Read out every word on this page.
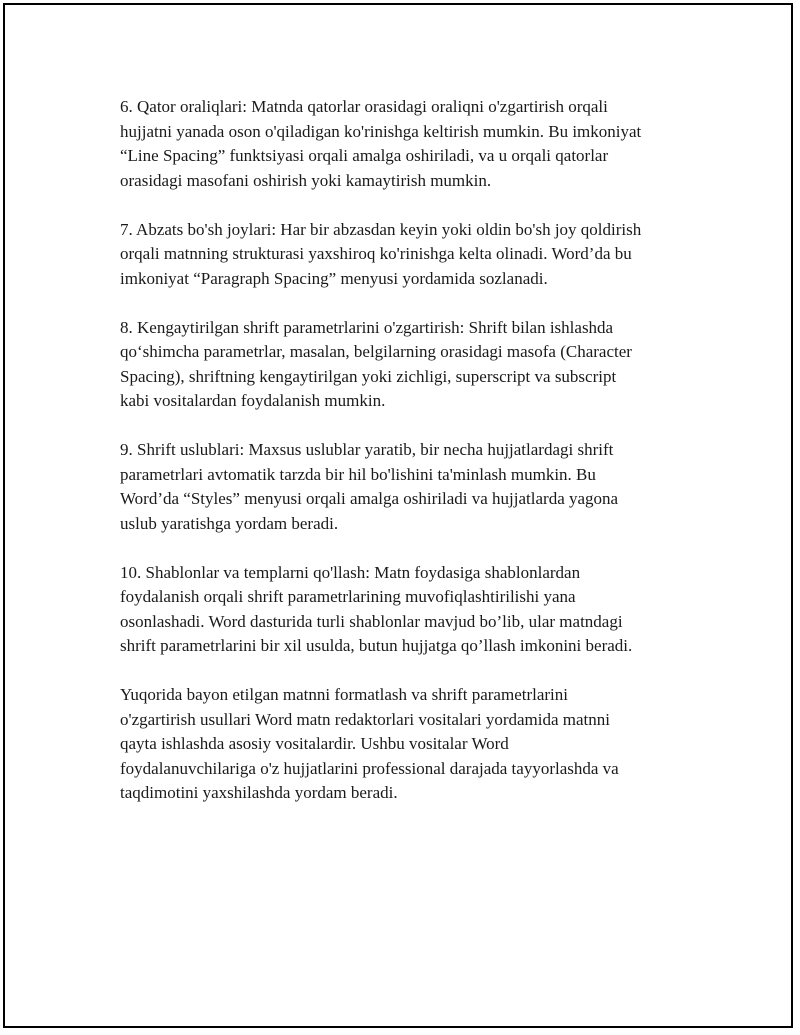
6. Qator oraliqlari: Matnda qatorlar orasidagi oraliqni o'zgartirish orqali
hujjatni yanada oson o'qiladigan ko'rinishga keltirish mumkin. Bu imkoniyat
“Line Spacing” funktsiyasi orqali amalga oshiriladi, va u orqali qatorlar
orasidagi masofani oshirish yoki kamaytirish mumkin.

7. Abzats bo'sh joylari: Har bir abzasdan keyin yoki oldin bo'sh joy qoldirish
orqali matnning strukturasi yaxshiroq ko'rinishga kelta olinadi. Word’da bu
imkoniyat “Paragraph Spacing” menyusi yordamida sozlanadi.

8. Kengaytirilgan shrift parametrlarini o'zgartirish: Shrift bilan ishlashda
qo‘shimcha parametrlar, masalan, belgilarning orasidagi masofa (Character
Spacing), shriftning kengaytirilgan yoki zichligi, superscript va subscript
kabi vositalardan foydalanish mumkin.

9. Shrift uslublari: Maxsus uslublar yaratib, bir necha hujjatlardagi shrift
parametrlari avtomatik tarzda bir hil bo'lishini ta'minlash mumkin. Bu
Word’da “Styles” menyusi orqali amalga oshiriladi va hujjatlarda yagona
uslub yaratishga yordam beradi.

10. Shablonlar va templarni qo'llash: Matn foydasiga shablonlardan
foydalanish orqali shrift parametrlarining muvofiqlashtirilishi yana
osonlashadi. Word dasturida turli shablonlar mavjud bo’lib, ular matndagi
shrift parametrlarini bir xil usulda, butun hujjatga qo’llash imkonini beradi.

Yuqorida bayon etilgan matnni formatlash va shrift parametrlarini
o'zgartirish usullari Word matn redaktorlari vositalari yordamida matnni
qayta ishlashda asosiy vositalardir. Ushbu vositalar Word
foydalanuvchilariga o'z hujjatlarini professional darajada tayyorlashda va
taqdimotini yaxshilashda yordam beradi.
